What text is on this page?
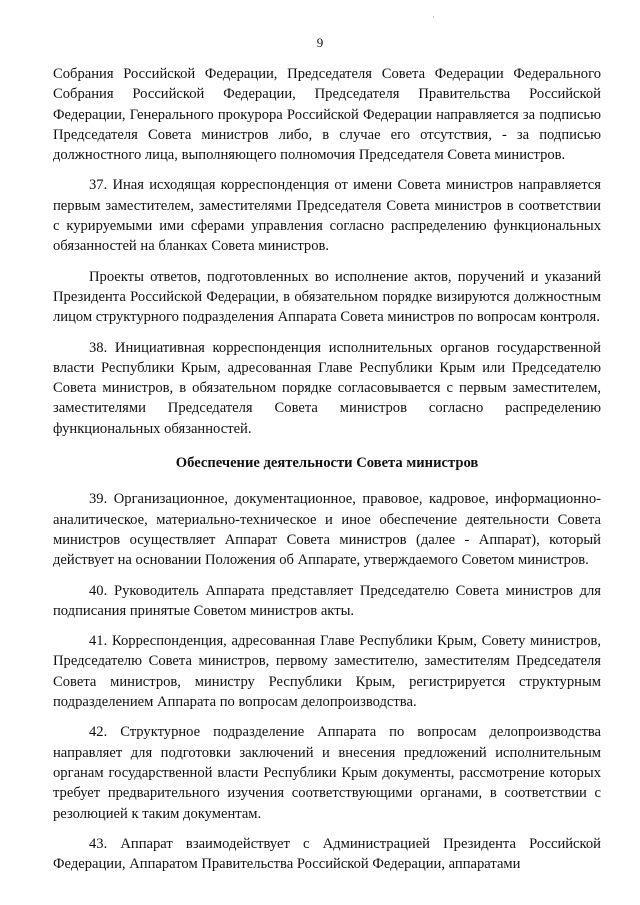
·
9

Собрания Российской Федерации, Председателя Совета Федерации Федерального Собрания Российской Федерации, Председателя Правительства Российской Федерации, Генерального прокурора Российской Федерации направляется за подписью Председателя Совета министров либо, в случае его отсутствия, - за подписью должностного лица, выполняющего полномочия Председателя Совета министров.

37. Иная исходящая корреспонденция от имени Совета министров направляется первым заместителем, заместителями Председателя Совета министров в соответствии с курируемыми ими сферами управления согласно распределению функциональных обязанностей на бланках Совета министров.

Проекты ответов, подготовленных во исполнение актов, поручений и указаний Президента Российской Федерации, в обязательном порядке визируются должностным лицом структурного подразделения Аппарата Совета министров по вопросам контроля.

38. Инициативная корреспонденция исполнительных органов государственной власти Республики Крым, адресованная Главе Республики Крым или Председателю Совета министров, в обязательном порядке согласовывается с первым заместителем, заместителями Председателя Совета министров согласно распределению функциональных обязанностей.

Обеспечение деятельности Совета министров

39. Организационное, документационное, правовое, кадровое, информационно-аналитическое, материально-техническое и иное обеспечение деятельности Совета министров осуществляет Аппарат Совета министров (далее - Аппарат), который действует на основании Положения об Аппарате, утверждаемого Советом министров.

40. Руководитель Аппарата представляет Председателю Совета министров для подписания принятые Советом министров акты.

41. Корреспонденция, адресованная Главе Республики Крым, Совету министров, Председателю Совета министров, первому заместителю, заместителям Председателя Совета министров, министру Республики Крым, регистрируется структурным подразделением Аппарата по вопросам делопроизводства.

42. Структурное подразделение Аппарата по вопросам делопроизводства направляет для подготовки заключений и внесения предложений исполнительным органам государственной власти Республики Крым документы, рассмотрение которых требует предварительного изучения соответствующими органами, в соответствии с резолюцией к таким документам.

43. Аппарат взаимодействует с Администрацией Президента Российской Федерации, Аппаратом Правительства Российской Федерации, аппаратами
